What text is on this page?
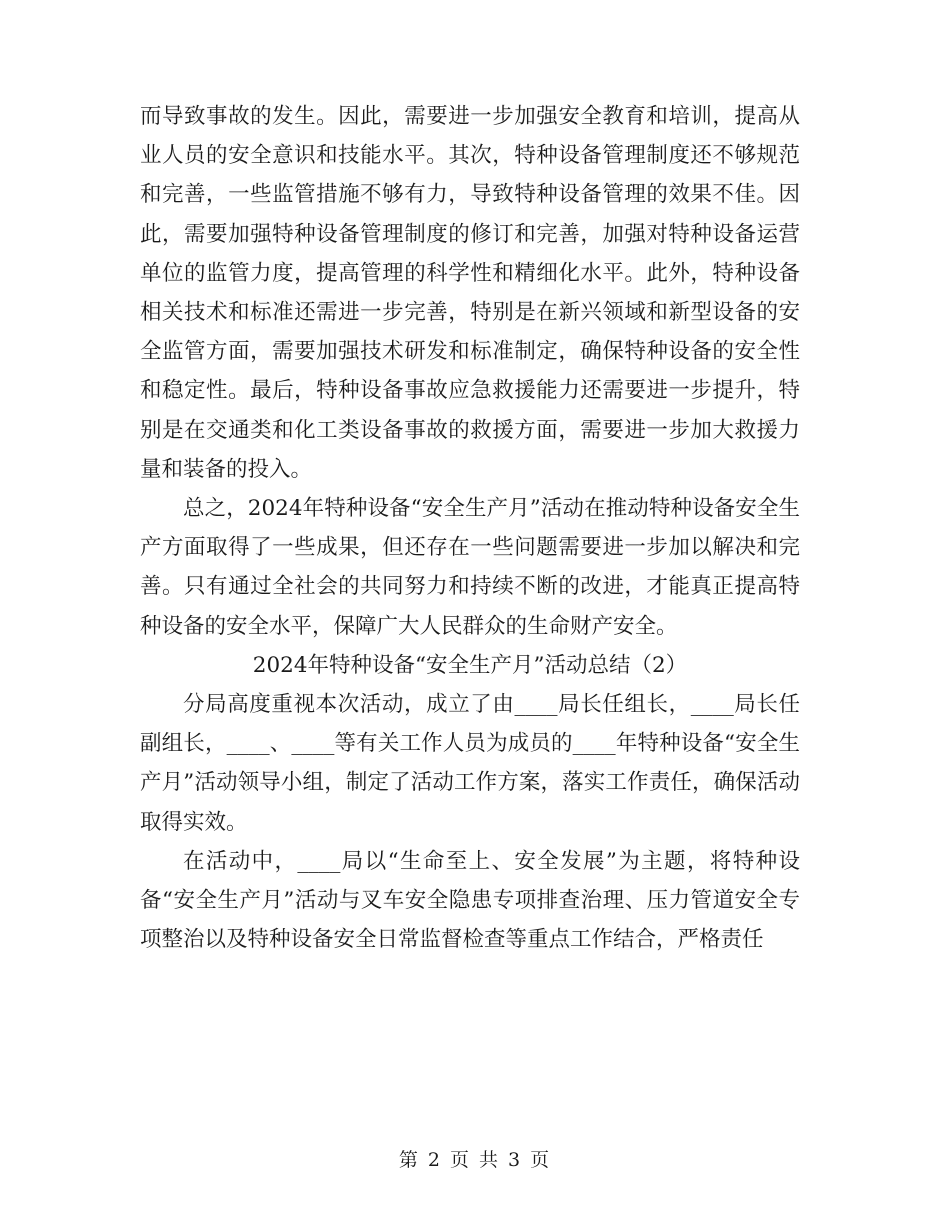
而导致事故的发生。因此，需要进一步加强安全教育和培训，提高从业人员的安全意识和技能水平。其次，特种设备管理制度还不够规范和完善，一些监管措施不够有力，导致特种设备管理的效果不佳。因此，需要加强特种设备管理制度的修订和完善，加强对特种设备运营单位的监管力度，提高管理的科学性和精细化水平。此外，特种设备相关技术和标准还需进一步完善，特别是在新兴领域和新型设备的安全监管方面，需要加强技术研发和标准制定，确保特种设备的安全性和稳定性。最后，特种设备事故应急救援能力还需要进一步提升，特别是在交通类和化工类设备事故的救援方面，需要进一步加大救援力量和装备的投入。

总之，2024年特种设备“安全生产月”活动在推动特种设备安全生产方面取得了一些成果，但还存在一些问题需要进一步加以解决和完善。只有通过全社会的共同努力和持续不断的改进，才能真正提高特种设备的安全水平，保障广大人民群众的生命财产安全。

2024年特种设备“安全生产月”活动总结（2）

分局高度重视本次活动，成立了由____局长任组长，____局长任副组长，____、____等有关工作人员为成员的____年特种设备“安全生产月”活动领导小组，制定了活动工作方案，落实工作责任，确保活动取得实效。

在活动中，____局以“生命至上、安全发展”为主题，将特种设备“安全生产月”活动与叉车安全隐患专项排查治理、压力管道安全专项整治以及特种设备安全日常监督检查等重点工作结合，严格责任

第 2 页 共 3 页
